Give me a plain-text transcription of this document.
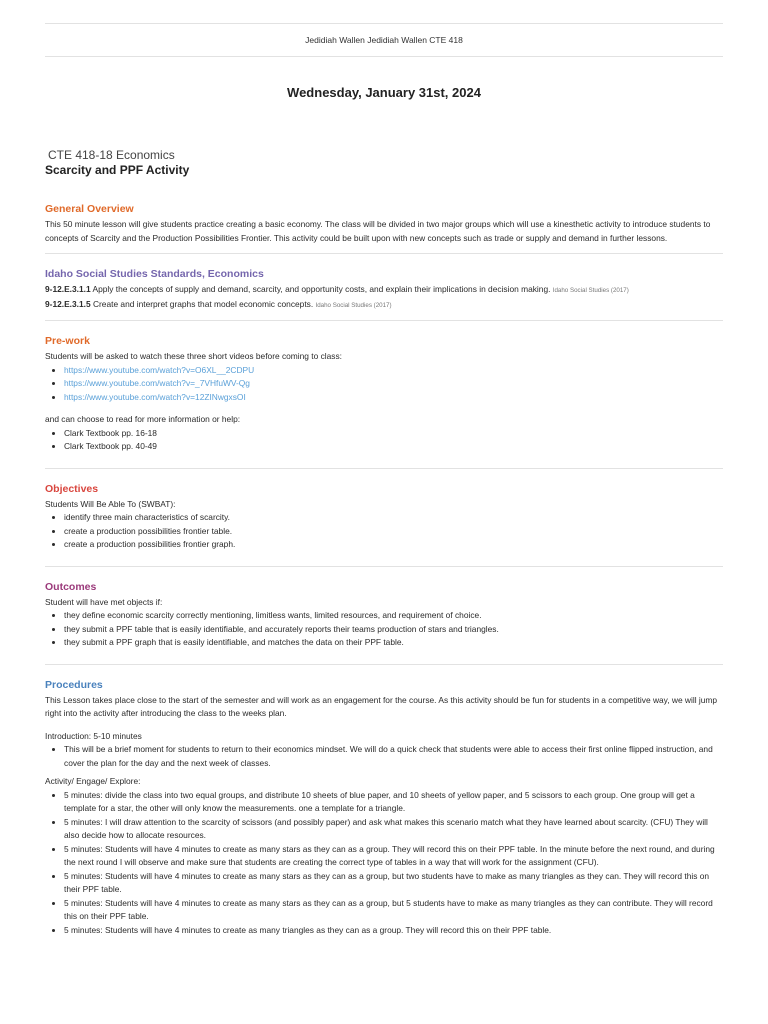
Jedidiah Wallen Jedidiah Wallen CTE 418
Wednesday, January 31st, 2024
CTE 418-18 Economics
Scarcity and PPF Activity
General Overview

This 50 minute lesson will give students practice creating a basic economy. The class will be divided in two major groups which will use a kinesthetic activity to introduce students to concepts of Scarcity and the Production Possibilities Frontier. This activity could be built upon with new concepts such as trade or supply and demand in further lessons.

Idaho Social Studies Standards, Economics

9-12.E.3.1.1 Apply the concepts of supply and demand, scarcity, and opportunity costs, and explain their implications in decision making. Idaho Social Studies (2017)

9-12.E.3.1.5 Create and interpret graphs that model economic concepts. Idaho Social Studies (2017)

Pre-work

Students will be asked to watch these three short videos before coming to class:

• https://www.youtube.com/watch?v=O6XL__2CDPU
• https://www.youtube.com/watch?v=_7VHfuWV-Qg
• https://www.youtube.com/watch?v=12ZINwgxsOI

and can choose to read for more information or help:

• Clark Textbook pp. 16-18
• Clark Textbook pp. 40-49
Objectives

Students Will Be Able To (SWBAT):

• identify three main characteristics of scarcity.
• create a production possibilities frontier table.
• create a production possibilities frontier graph.
Outcomes

Student will have met objects if:

• they define economic scarcity correctly mentioning, limitless wants, limited resources, and requirement of choice.
• they submit a PPF table that is easily identifiable, and accurately reports their teams production of stars and triangles.
• they submit a PPF graph that is easily identifiable, and matches the data on their PPF table.
Procedures

This Lesson takes place close to the start of the semester and will work as an engagement for the course. As this activity should be fun for students in a competitive way, we will jump right into the activity after introducing the class to the weeks plan.

Introduction: 5-10 minutes

• This will be a brief moment for students to return to their economics mindset. We will do a quick check that students were able to access their first online flipped instruction, and cover the plan for the day and the next week of classes.

Activity/ Engage/ Explore:

• 5 minutes: divide the class into two equal groups, and distribute 10 sheets of blue paper, and 10 sheets of yellow paper, and 5 scissors to each group. One group will get a template for a star, the other will only know the measurements. one a template for a triangle.
• 5 minutes: I will draw attention to the scarcity of scissors (and possibly paper) and ask what makes this scenario match what they have learned about scarcity. (CFU) They will also decide how to allocate resources.
• 5 minutes: Students will have 4 minutes to create as many stars as they can as a group. They will record this on their PPF table. In the minute before the next round, and during the next round I will observe and make sure that students are creating the correct type of tables in a way that will work for the assignment (CFU).
• 5 minutes: Students will have 4 minutes to create as many stars as they can as a group, but two students have to make as many triangles as they can. They will record this on their PPF table.
• 5 minutes: Students will have 4 minutes to create as many stars as they can as a group, but 5 students have to make as many triangles as they can contribute. They will record this on their PPF table.
• 5 minutes: Students will have 4 minutes to create as many triangles as they can as a group. They will record this on their PPF table.
